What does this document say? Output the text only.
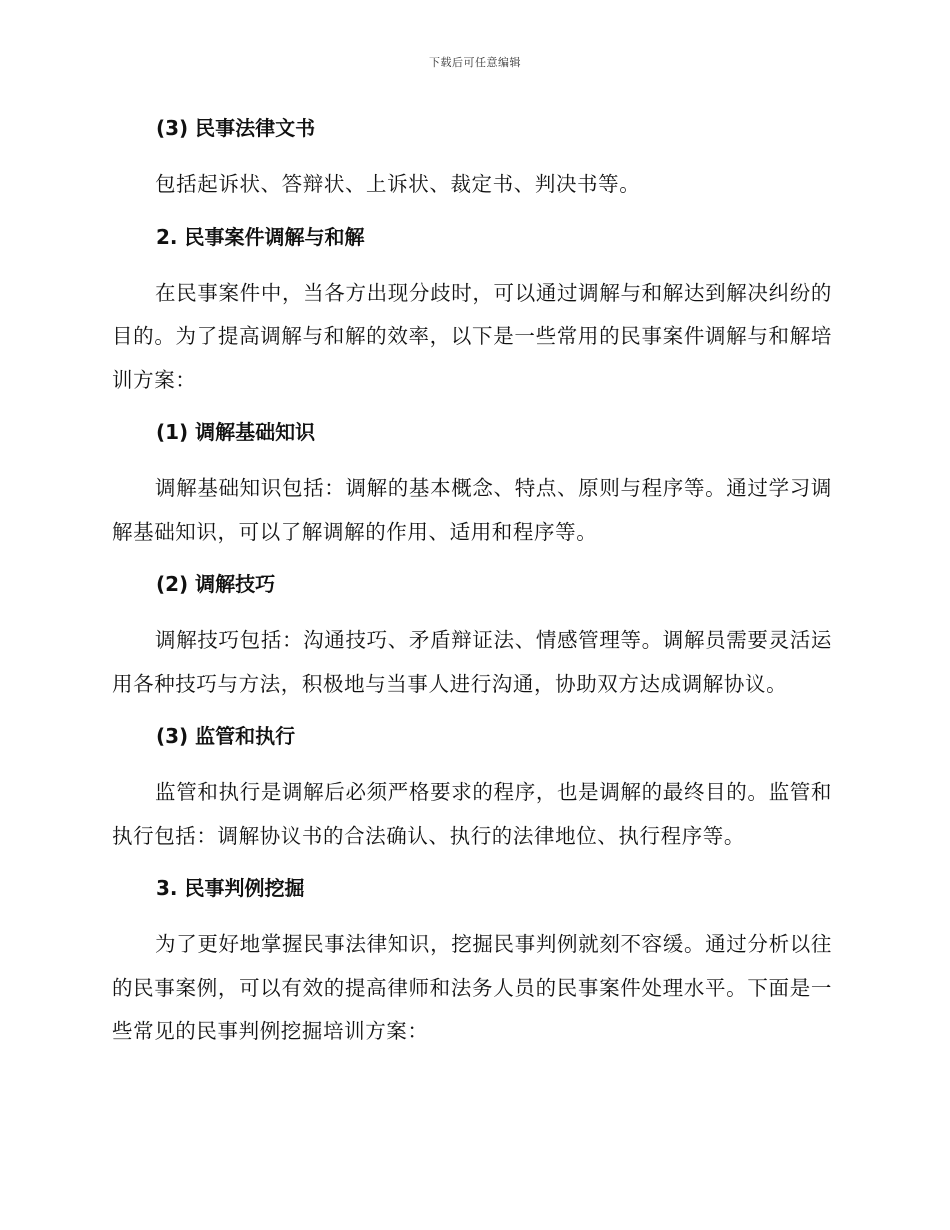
下载后可任意编辑
(3) 民事法律文书

包括起诉状、答辩状、上诉状、裁定书、判决书等。

2. 民事案件调解与和解

在民事案件中，当各方出现分歧时，可以通过调解与和解达到解决纠纷的目的。为了提高调解与和解的效率，以下是一些常用的民事案件调解与和解培训方案：

(1) 调解基础知识

调解基础知识包括：调解的基本概念、特点、原则与程序等。通过学习调解基础知识，可以了解调解的作用、适用和程序等。

(2) 调解技巧

调解技巧包括：沟通技巧、矛盾辩证法、情感管理等。调解员需要灵活运用各种技巧与方法，积极地与当事人进行沟通，协助双方达成调解协议。

(3) 监管和执行

监管和执行是调解后必须严格要求的程序，也是调解的最终目的。监管和执行包括：调解协议书的合法确认、执行的法律地位、执行程序等。

3. 民事判例挖掘

为了更好地掌握民事法律知识，挖掘民事判例就刻不容缓。通过分析以往的民事案例，可以有效的提高律师和法务人员的民事案件处理水平。下面是一些常见的民事判例挖掘培训方案：
